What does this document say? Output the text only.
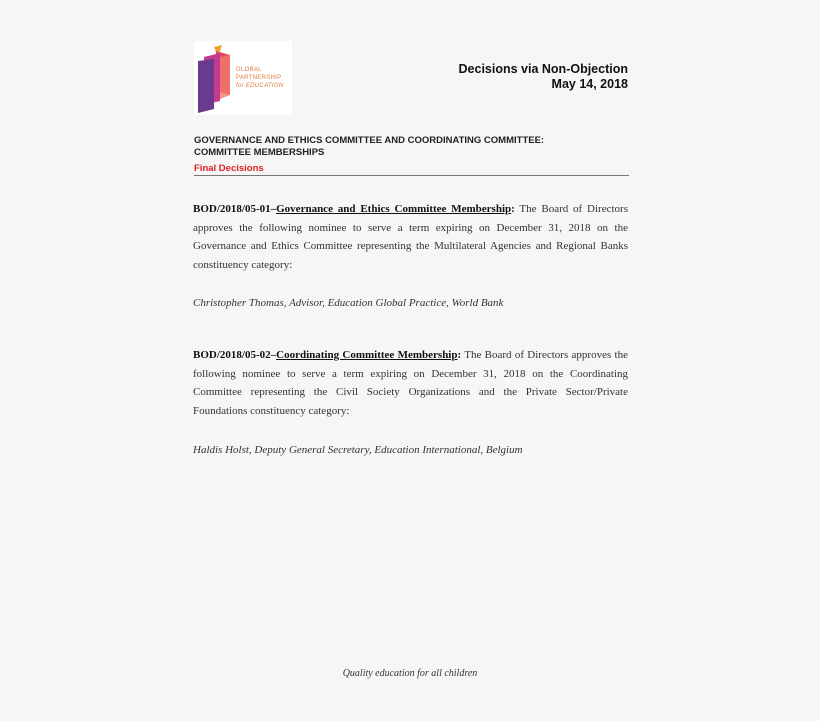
GLOBAL
PARTNERSHIP
for EDUCATION
Decisions via Non-Objection
May 14, 2018
GOVERNANCE AND ETHICS COMMITTEE AND COORDINATING COMMITTEE:
COMMITTEE MEMBERSHIPS
Final Decisions

BOD/2018/05-01–Governance and Ethics Committee Membership: The Board of Directors approves the following nominee to serve a term expiring on December 31, 2018 on the Governance and Ethics Committee representing the Multilateral Agencies and Regional Banks constituency category:

Christopher Thomas, Advisor, Education Global Practice, World Bank

BOD/2018/05-02–Coordinating Committee Membership: The Board of Directors approves the following nominee to serve a term expiring on December 31, 2018 on the Coordinating Committee representing the Civil Society Organizations and the Private Sector/Private Foundations constituency category:

Haldis Holst, Deputy General Secretary, Education International, Belgium
Quality education for all children
